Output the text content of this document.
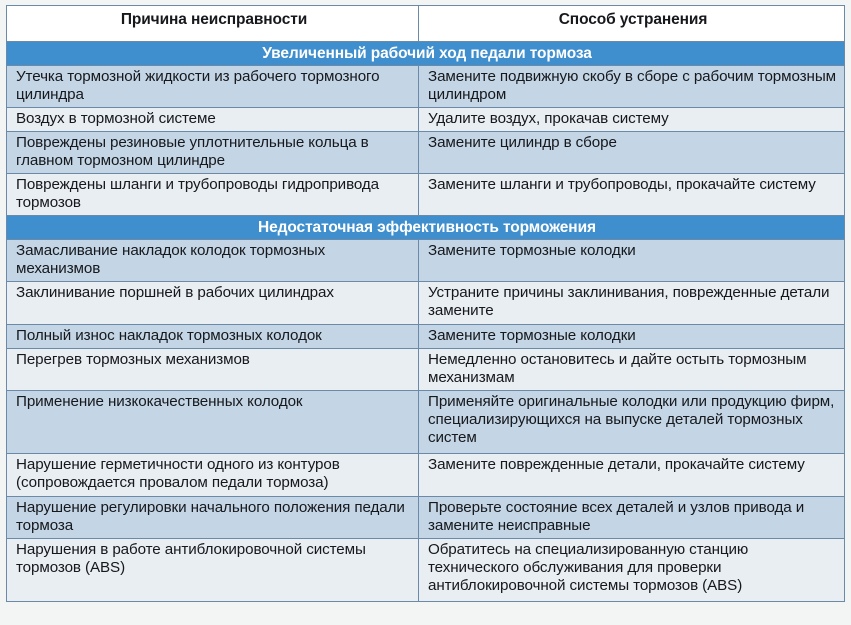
Причина неисправности	Способ устранения
Увеличенный рабочий ход педали тормоза	
Утечка тормозной жидкости из рабочего тормозного цилиндра	Замените подвижную скобу в сборе с рабочим тормозным цилиндром
Воздух в тормозной системе	Удалите воздух, прокачав систему
Повреждены резиновые уплотнительные кольца в главном тормозном цилиндре	Замените цилиндр в сборе
Повреждены шланги и трубопроводы гидропривода тормозов	Замените шланги и трубопроводы, прокачайте систему
Недостаточная эффективность торможения	
Замасливание накладок колодок тормозных механизмов	Замените тормозные колодки
Заклинивание поршней в рабочих цилиндрах	Устраните причины заклинивания, поврежденные детали замените
Полный износ накладок тормозных колодок	Замените тормозные колодки
Перегрев тормозных механизмов	Немедленно остановитесь и дайте остыть тормозным механизмам
Применение низкокачественных колодок	Применяйте оригинальные колодки или продукцию фирм, специализирующихся на выпуске деталей тормозных систем
Нарушение герметичности одного из контуров (сопровождается провалом педали тормоза)	Замените поврежденные детали, прокачайте систему
Нарушение регулировки начального положения педали тормоза	Проверьте состояние всех деталей и узлов привода и замените неисправные
Нарушения в работе антиблокировочной системы тормозов (ABS)	Обратитесь на специализированную станцию технического обслуживания для проверки антиблокировочной системы тормозов (ABS)
